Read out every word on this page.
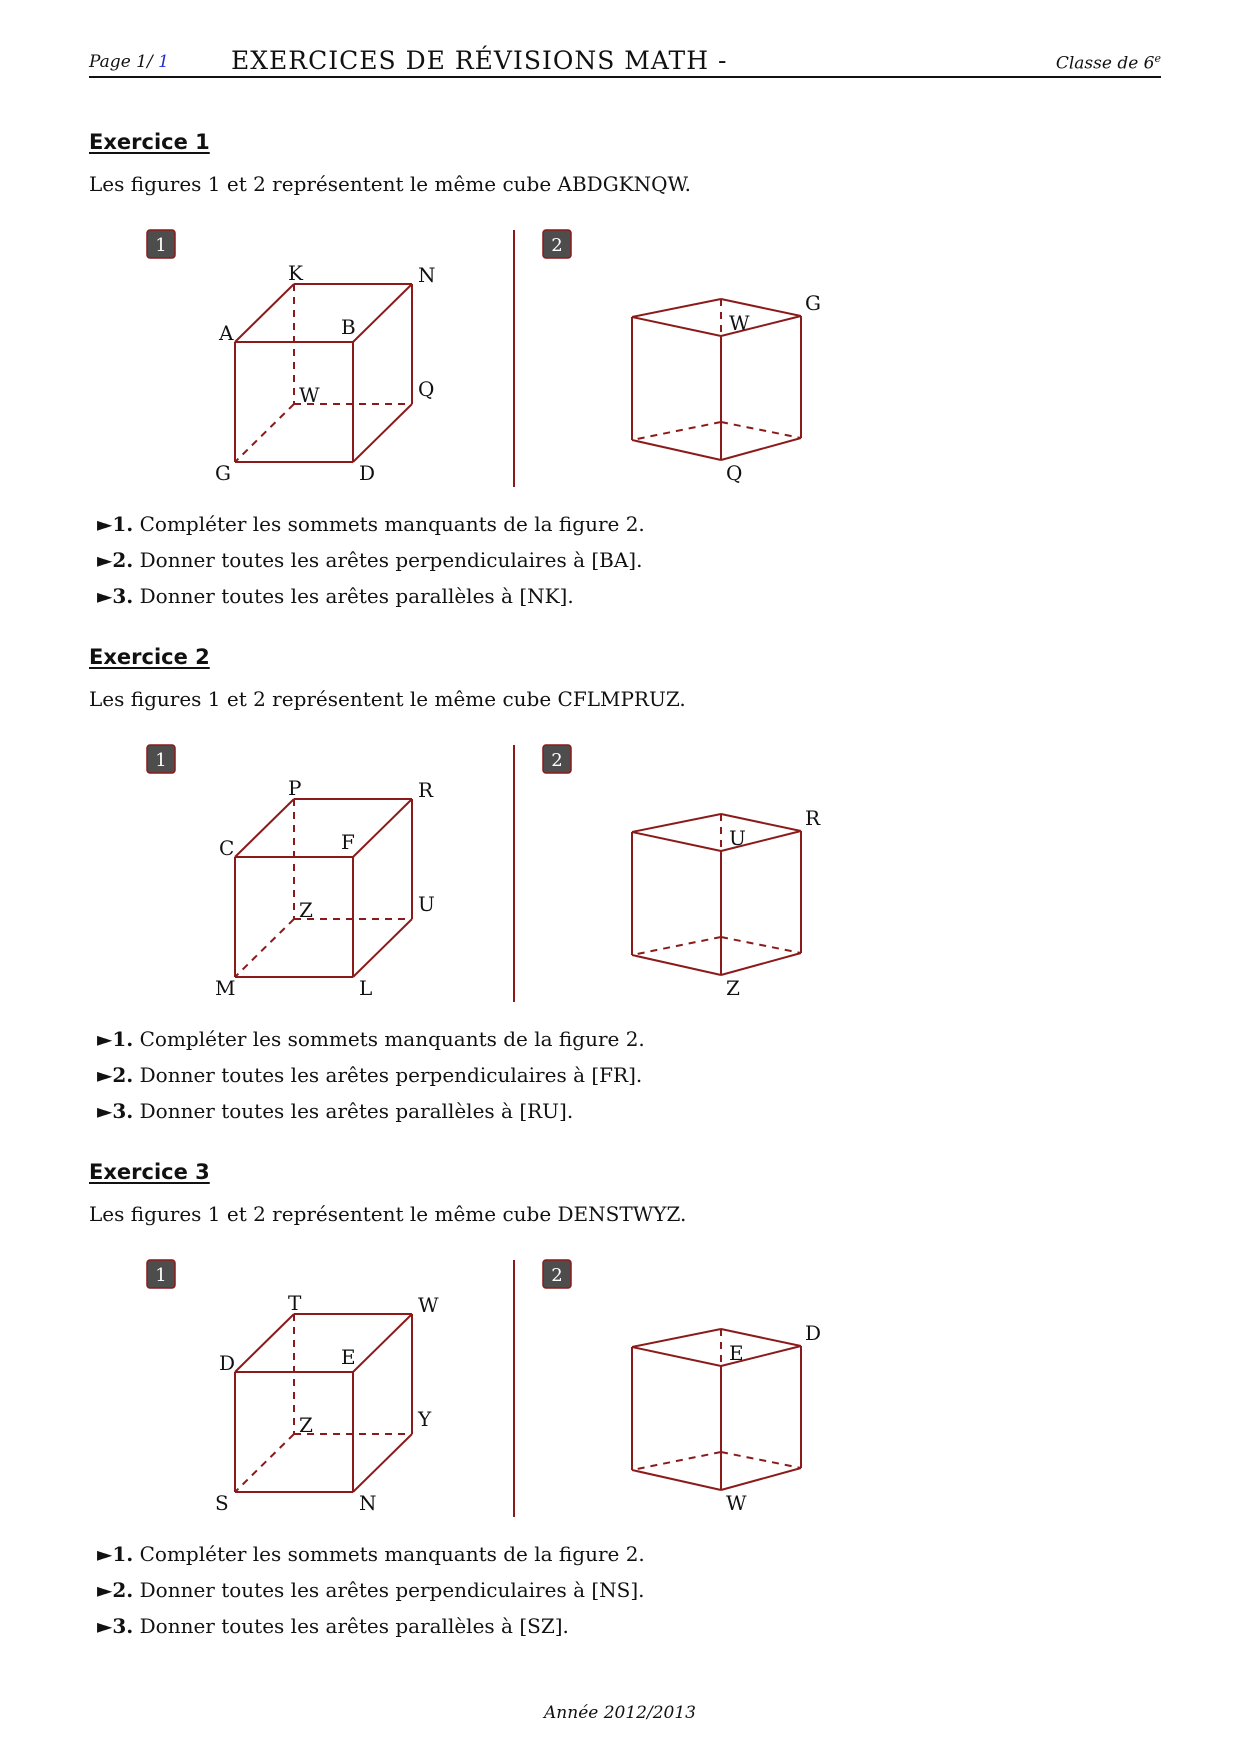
Page 1/ 1 EXERCICES DE RÉVISIONS MATH -	Classe de 6e
Exercice 1
Les figures 1 et 2 représentent le même cube ABDGKNQW.
1
A	B
K	N
G	D
W	Q
2
W
G
Q
►1. Compléter les sommets manquants de la figure 2.
►2. Donner toutes les arêtes perpendiculaires à [BA].
►3. Donner toutes les arêtes parallèles à [NK].
Exercice 2
Les figures 1 et 2 représentent le même cube CFLMPRUZ.
1
C	F
P	R
M	L
Z	U
2
U
R
Z
►1. Compléter les sommets manquants de la figure 2.
►2. Donner toutes les arêtes perpendiculaires à [FR].
►3. Donner toutes les arêtes parallèles à [RU].
Exercice 3
Les figures 1 et 2 représentent le même cube DENSTWYZ.
1
D	E
T	W
S	N
Z	Y
2
E
D
W
►1. Compléter les sommets manquants de la figure 2.
►2. Donner toutes les arêtes perpendiculaires à [NS].
►3. Donner toutes les arêtes parallèles à [SZ].
Année 2012/2013
